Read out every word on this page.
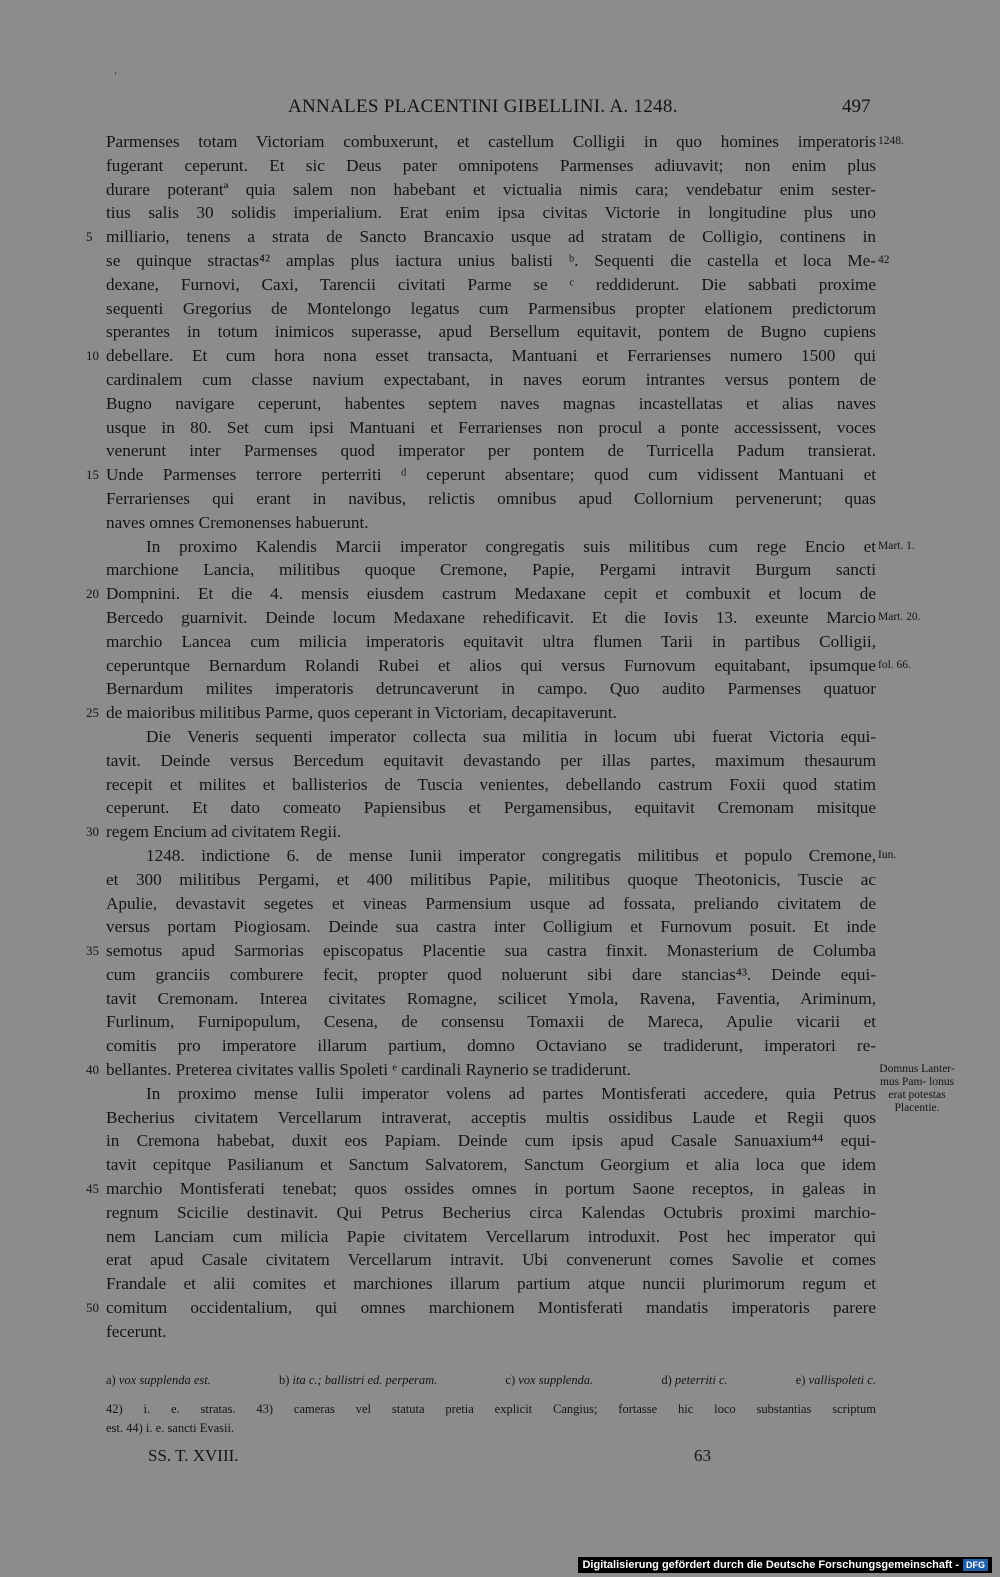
ANNALES PLACENTINI GIBELLINI. A. 1248.	497
Parmenses totam Victoriam combuxerunt, et castellum Colligii in quo homines imperatoris
fugerant ceperunt. Et sic Deus pater omnipotens Parmenses adiuvavit; non enim plus
durare poterantª quia salem non habebant et victualia nimis cara; vendebatur enim sester-
tius salis 30 solidis imperialium. Erat enim ipsa civitas Victorie in longitudine plus uno
milliario, tenens a strata de Sancto Brancaxio usque ad stratam de Colligio, continens in
5
se quinque stractas⁴² amplas plus iactura unius balisti ᵇ. Sequenti die castella et loca Me-
dexane, Furnovi, Caxi, Tarencii civitati Parme se ᶜ reddiderunt. Die sabbati proxime
sequenti Gregorius de Montelongo legatus cum Parmensibus propter elationem predictorum
sperantes in totum inimicos superasse, apud Bersellum equitavit, pontem de Bugno cupiens
debellare. Et cum hora nona esset transacta, Mantuani et Ferrarienses numero 1500 qui
10
cardinalem cum classe navium expectabant, in naves eorum intrantes versus pontem de
Bugno navigare ceperunt, habentes septem naves magnas incastellatas et alias naves
usque in 80. Set cum ipsi Mantuani et Ferrarienses non procul a ponte accessissent, voces
venerunt inter Parmenses quod imperator per pontem de Turricella Padum transierat.
Unde Parmenses terrore perterriti ᵈ ceperunt absentare; quod cum vidissent Mantuani et
15
Ferrarienses qui erant in navibus, relictis omnibus apud Collornium pervenerunt; quas
naves omnes Cremonenses habuerunt.
In proximo Kalendis Marcii imperator congregatis suis militibus cum rege Encio et
marchione Lancia, militibus quoque Cremone, Papie, Pergami intravit Burgum sancti
Dompnini. Et die 4. mensis eiusdem castrum Medaxane cepit et combuxit et locum de
20
Bercedo guarnivit. Deinde locum Medaxane rehedificavit. Et die Iovis 13. exeunte Marcio
marchio Lancea cum milicia imperatoris equitavit ultra flumen Tarii in partibus Colligii,
ceperuntque Bernardum Rolandi Rubei et alios qui versus Furnovum equitabant, ipsumque
Bernardum milites imperatoris detruncaverunt in campo. Quo audito Parmenses quatuor
de maioribus militibus Parme, quos ceperant in Victoriam, decapitaverunt.
25
Die Veneris sequenti imperator collecta sua militia in locum ubi fuerat Victoria equi-
tavit. Deinde versus Bercedum equitavit devastando per illas partes, maximum thesaurum
recepit et milites et ballisterios de Tuscia venientes, debellando castrum Foxii quod statim
ceperunt. Et dato comeato Papiensibus et Pergamensibus, equitavit Cremonam misitque
regem Encium ad civitatem Regii.
30
1248. indictione 6. de mense Iunii imperator congregatis militibus et populo Cremone,
et 300 militibus Pergami, et 400 militibus Papie, militibus quoque Theotonicis, Tuscie ac
Apulie, devastavit segetes et vineas Parmensium usque ad fossata, preliando civitatem de
versus portam Piogiosam. Deinde sua castra inter Colligium et Furnovum posuit. Et inde
semotus apud Sarmorias episcopatus Placentie sua castra finxit. Monasterium de Columba
35
cum granciis comburere fecit, propter quod noluerunt sibi dare stancias⁴³. Deinde equi-
tavit Cremonam. Interea civitates Romagne, scilicet Ymola, Ravena, Faventia, Ariminum,
Furlinum, Furnipopulum, Cesena, de consensu Tomaxii de Mareca, Apulie vicarii et
comitis pro imperatore illarum partium, domno Octaviano se tradiderunt, imperatori re-
bellantes. Preterea civitates vallis Spoleti ᵉ cardinali Raynerio se tradiderunt.
40
In proximo mense Iulii imperator volens ad partes Montisferati accedere, quia Petrus
Becherius civitatem Vercellarum intraverat, acceptis multis ossidibus Laude et Regii quos
in Cremona habebat, duxit eos Papiam. Deinde cum ipsis apud Casale Sanuaxium⁴⁴ equi-
tavit cepitque Pasilianum et Sanctum Salvatorem, Sanctum Georgium et alia loca que idem
marchio Montisferati tenebat; quos ossides omnes in portum Saone receptos, in galeas in
45
regnum Scicilie destinavit. Qui Petrus Becherius circa Kalendas Octubris proximi marchio-
nem Lanciam cum milicia Papie civitatem Vercellarum introduxit. Post hec imperator qui
erat apud Casale civitatem Vercellarum intravit. Ubi convenerunt comes Savolie et comes
Frandale et alii comites et marchiones illarum partium atque nuncii plurimorum regum et
comitum occidentalium, qui omnes marchionem Montisferati mandatis imperatoris parere
50
fecerunt.
1248.
42
Mart. 1.
Mart. 20.
fol. 66.
Iun.
Domnus Lanter- mus Pam- lonus erat potestas Placentie.
a) vox supplenda est.	b) ita c.; ballistri ed. perperam.	c) vox supplenda.	d) peterriti c.	e) vallispoleti c.
42) i. e. stratas. 43) cameras vel statuta pretia explicit Cangius; fortasse hic loco substantias scriptum
est. 44) i. e. sancti Evasii.
SS. T. XVIII.	63
Digitalisierung gefördert durch die Deutsche Forschungsgemeinschaft - DFG
